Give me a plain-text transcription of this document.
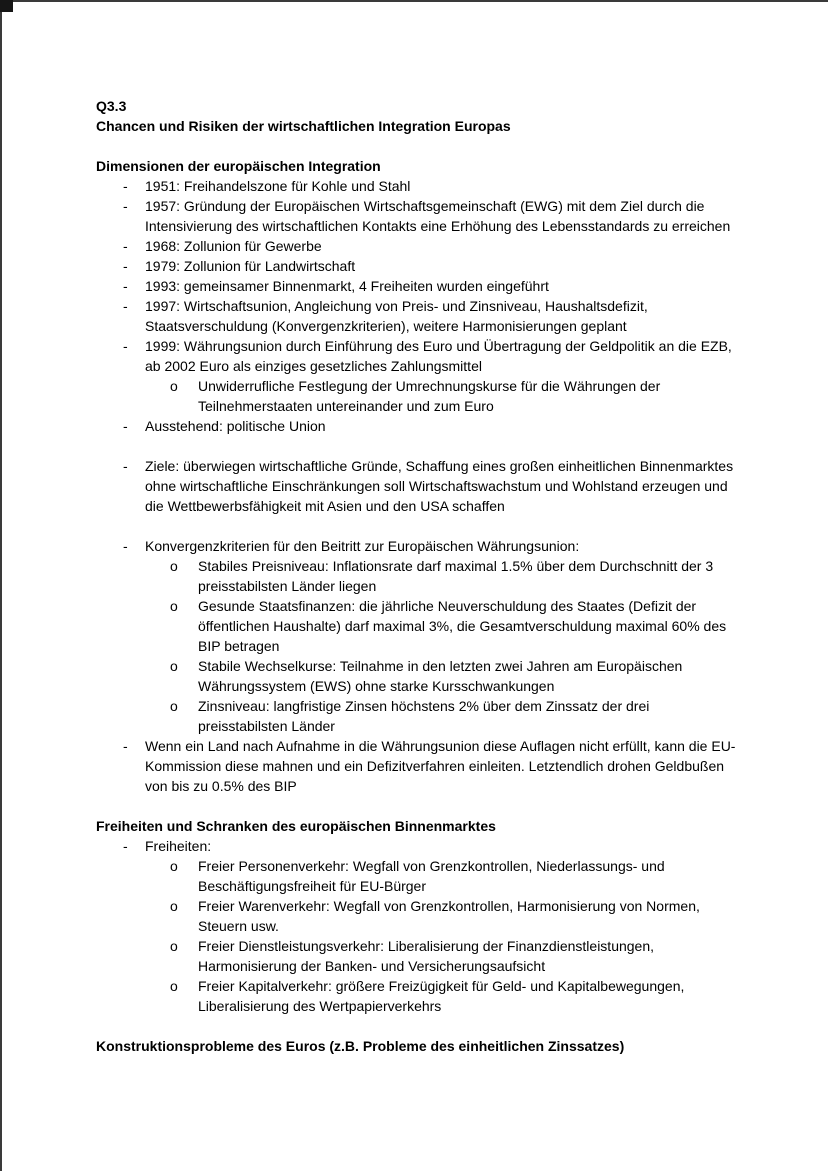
Q3.3
Chancen und Risiken der wirtschaftlichen Integration Europas
Dimensionen der europäischen Integration
-	1951: Freihandelszone für Kohle und Stahl
-	1957: Gründung der Europäischen Wirtschaftsgemeinschaft (EWG) mit dem Ziel durch die Intensivierung des wirtschaftlichen Kontakts eine Erhöhung des Lebensstandards zu erreichen
-	1968: Zollunion für Gewerbe
-	1979: Zollunion für Landwirtschaft
-	1993: gemeinsamer Binnenmarkt, 4 Freiheiten wurden eingeführt
-	1997: Wirtschaftsunion, Angleichung von Preis- und Zinsniveau, Haushaltsdefizit, Staatsverschuldung (Konvergenzkriterien), weitere Harmonisierungen geplant
-	1999: Währungsunion durch Einführung des Euro und Übertragung der Geldpolitik an die EZB, ab 2002 Euro als einziges gesetzliches Zahlungsmittel
o	Unwiderrufliche Festlegung der Umrechnungskurse für die Währungen der Teilnehmerstaaten untereinander und zum Euro
-	Ausstehend: politische Union
-	Ziele: überwiegen wirtschaftliche Gründe, Schaffung eines großen einheitlichen Binnenmarktes ohne wirtschaftliche Einschränkungen soll Wirtschaftswachstum und Wohlstand erzeugen und die Wettbewerbsfähigkeit mit Asien und den USA schaffen
-	Konvergenzkriterien für den Beitritt zur Europäischen Währungsunion:
o	Stabiles Preisniveau: Inflationsrate darf maximal 1.5% über dem Durchschnitt der 3 preisstabilsten Länder liegen
o	Gesunde Staatsfinanzen: die jährliche Neuverschuldung des Staates (Defizit der öffentlichen Haushalte) darf maximal 3%, die Gesamtverschuldung maximal 60% des BIP betragen
o	Stabile Wechselkurse: Teilnahme in den letzten zwei Jahren am Europäischen Währungssystem (EWS) ohne starke Kursschwankungen
o	Zinsniveau: langfristige Zinsen höchstens 2% über dem Zinssatz der drei preisstabilsten Länder
-	Wenn ein Land nach Aufnahme in die Währungsunion diese Auflagen nicht erfüllt, kann die EU-Kommission diese mahnen und ein Defizitverfahren einleiten. Letztendlich drohen Geldbußen von bis zu 0.5% des BIP
Freiheiten und Schranken des europäischen Binnenmarktes
-	Freiheiten:
o	Freier Personenverkehr: Wegfall von Grenzkontrollen, Niederlassungs- und Beschäftigungsfreiheit für EU-Bürger
o	Freier Warenverkehr: Wegfall von Grenzkontrollen, Harmonisierung von Normen, Steuern usw.
o	Freier Dienstleistungsverkehr: Liberalisierung der Finanzdienstleistungen, Harmonisierung der Banken- und Versicherungsaufsicht
o	Freier Kapitalverkehr: größere Freizügigkeit für Geld- und Kapitalbewegungen, Liberalisierung des Wertpapierverkehrs
Konstruktionsprobleme des Euros (z.B. Probleme des einheitlichen Zinssatzes)
